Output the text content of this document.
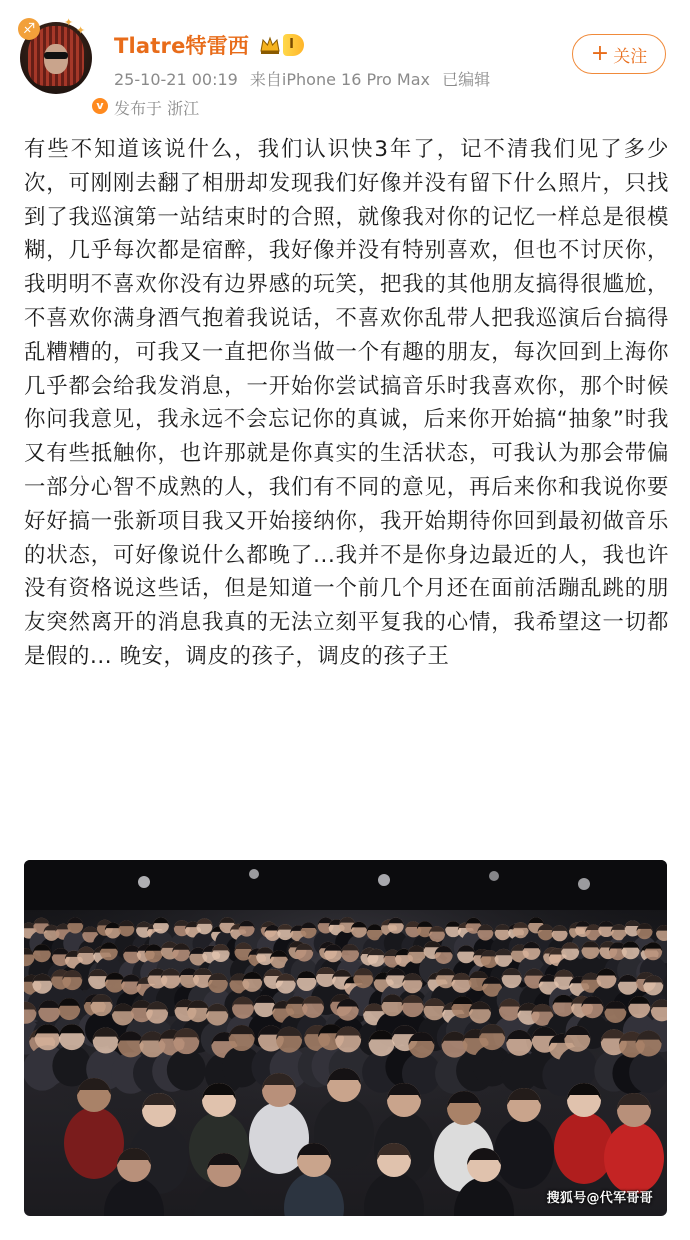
♐	✦
✦
v
Tlatre特雷西	I
25-10-21 00:19 来自iPhone 16 Pro Max 已编辑
发布于 浙江
+ 关注
有些不知道该说什么，我们认识快3年了，记不清我们见了多少次，可刚刚去翻了相册却发现我们好像并没有留下什么照片，只找到了我巡演第一站结束时的合照，就像我对你的记忆一样总是很模糊，几乎每次都是宿醉，我好像并没有特别喜欢，但也不讨厌你，我明明不喜欢你没有边界感的玩笑，把我的其他朋友搞得很尴尬，不喜欢你满身酒气抱着我说话，不喜欢你乱带人把我巡演后台搞得乱糟糟的，可我又一直把你当做一个有趣的朋友，每次回到上海你几乎都会给我发消息，一开始你尝试搞音乐时我喜欢你，那个时候你问我意见，我永远不会忘记你的真诚，后来你开始搞“抽象”时我又有些抵触你，也许那就是你真实的生活状态，可我认为那会带偏一部分心智不成熟的人，我们有不同的意见，再后来你和我说你要好好搞一张新项目我又开始接纳你，我开始期待你回到最初做音乐的状态，可好像说什么都晚了...我并不是你身边最近的人，我也许没有资格说这些话，但是知道一个前几个月还在面前活蹦乱跳的朋友突然离开的消息我真的无法立刻平复我的心情，我希望这一切都是假的... 晚安，调皮的孩子，调皮的孩子王
搜狐号@代军哥哥
